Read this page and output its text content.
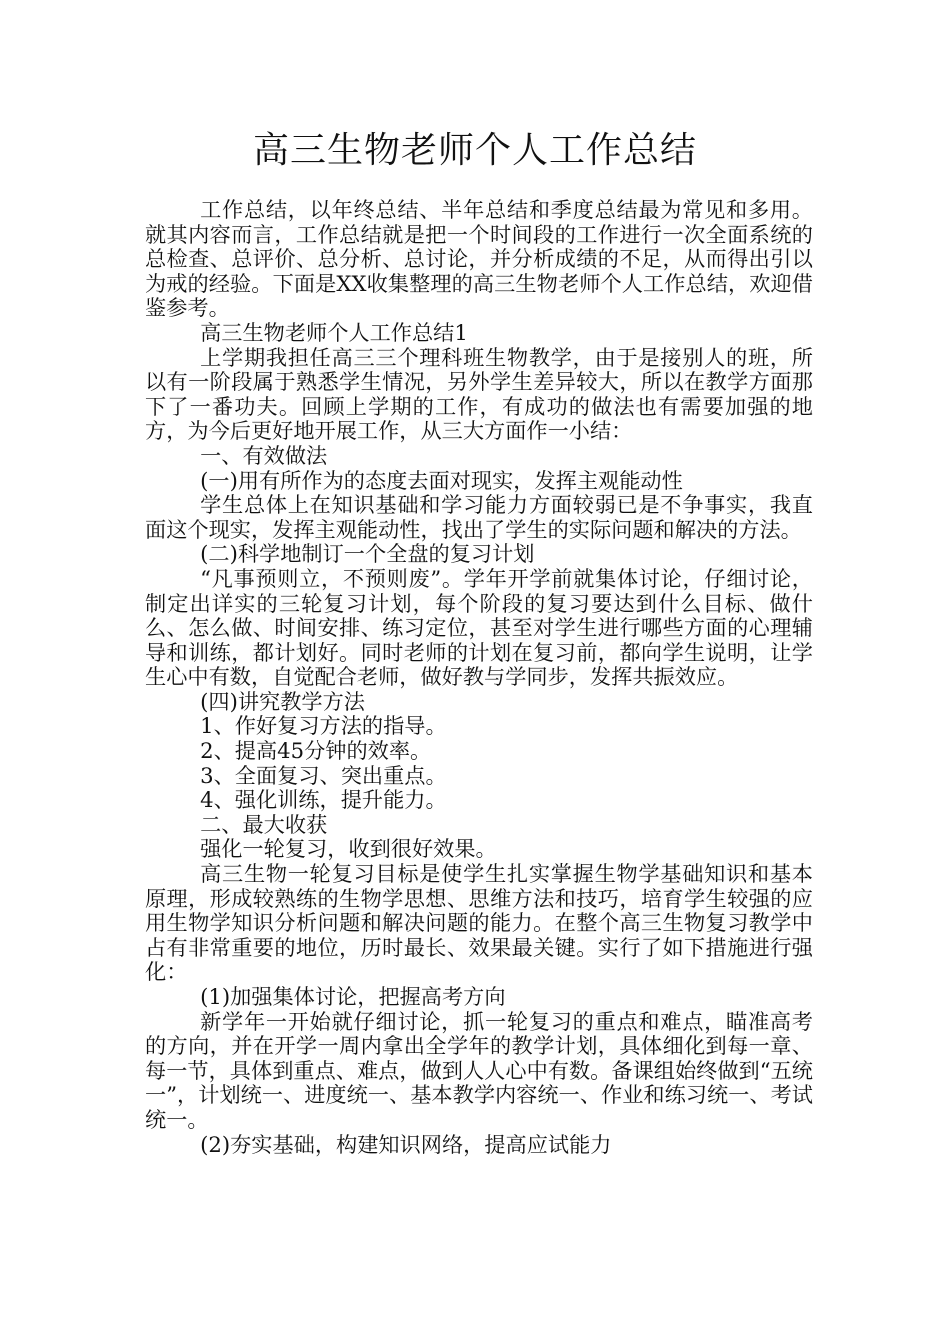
高三生物老师个人工作总结

工作总结，以年终总结、半年总结和季度总结最为常见和多用。就其内容而言，工作总结就是把一个时间段的工作进行一次全面系统的总检查、总评价、总分析、总讨论，并分析成绩的不足，从而得出引以为戒的经验。下面是XX收集整理的高三生物老师个人工作总结，欢迎借鉴参考。

高三生物老师个人工作总结1

上学期我担任高三三个理科班生物教学，由于是接别人的班，所以有一阶段属于熟悉学生情况，另外学生差异较大，所以在教学方面那下了一番功夫。回顾上学期的工作，有成功的做法也有需要加强的地方，为今后更好地开展工作，从三大方面作一小结：

一、有效做法

(一)用有所作为的态度去面对现实，发挥主观能动性

学生总体上在知识基础和学习能力方面较弱已是不争事实，我直面这个现实，发挥主观能动性，找出了学生的实际问题和解决的方法。

(二)科学地制订一个全盘的复习计划

“凡事预则立，不预则废”。学年开学前就集体讨论，仔细讨论，制定出详实的三轮复习计划，每个阶段的复习要达到什么目标、做什么、怎么做、时间安排、练习定位，甚至对学生进行哪些方面的心理辅导和训练，都计划好。同时老师的计划在复习前，都向学生说明，让学生心中有数，自觉配合老师，做好教与学同步，发挥共振效应。

(四)讲究教学方法

1、作好复习方法的指导。

2、提高45分钟的效率。

3、全面复习、突出重点。

4、强化训练，提升能力。

二、最大收获

强化一轮复习，收到很好效果。

高三生物一轮复习目标是使学生扎实掌握生物学基础知识和基本原理，形成较熟练的生物学思想、思维方法和技巧，培育学生较强的应用生物学知识分析问题和解决问题的能力。在整个高三生物复习教学中占有非常重要的地位，历时最长、效果最关键。实行了如下措施进行强化：

(1)加强集体讨论，把握高考方向

新学年一开始就仔细讨论，抓一轮复习的重点和难点，瞄准高考的方向，并在开学一周内拿出全学年的教学计划，具体细化到每一章、每一节，具体到重点、难点，做到人人心中有数。备课组始终做到“五统一”，计划统一、进度统一、基本教学内容统一、作业和练习统一、考试统一。

(2)夯实基础，构建知识网络，提高应试能力
